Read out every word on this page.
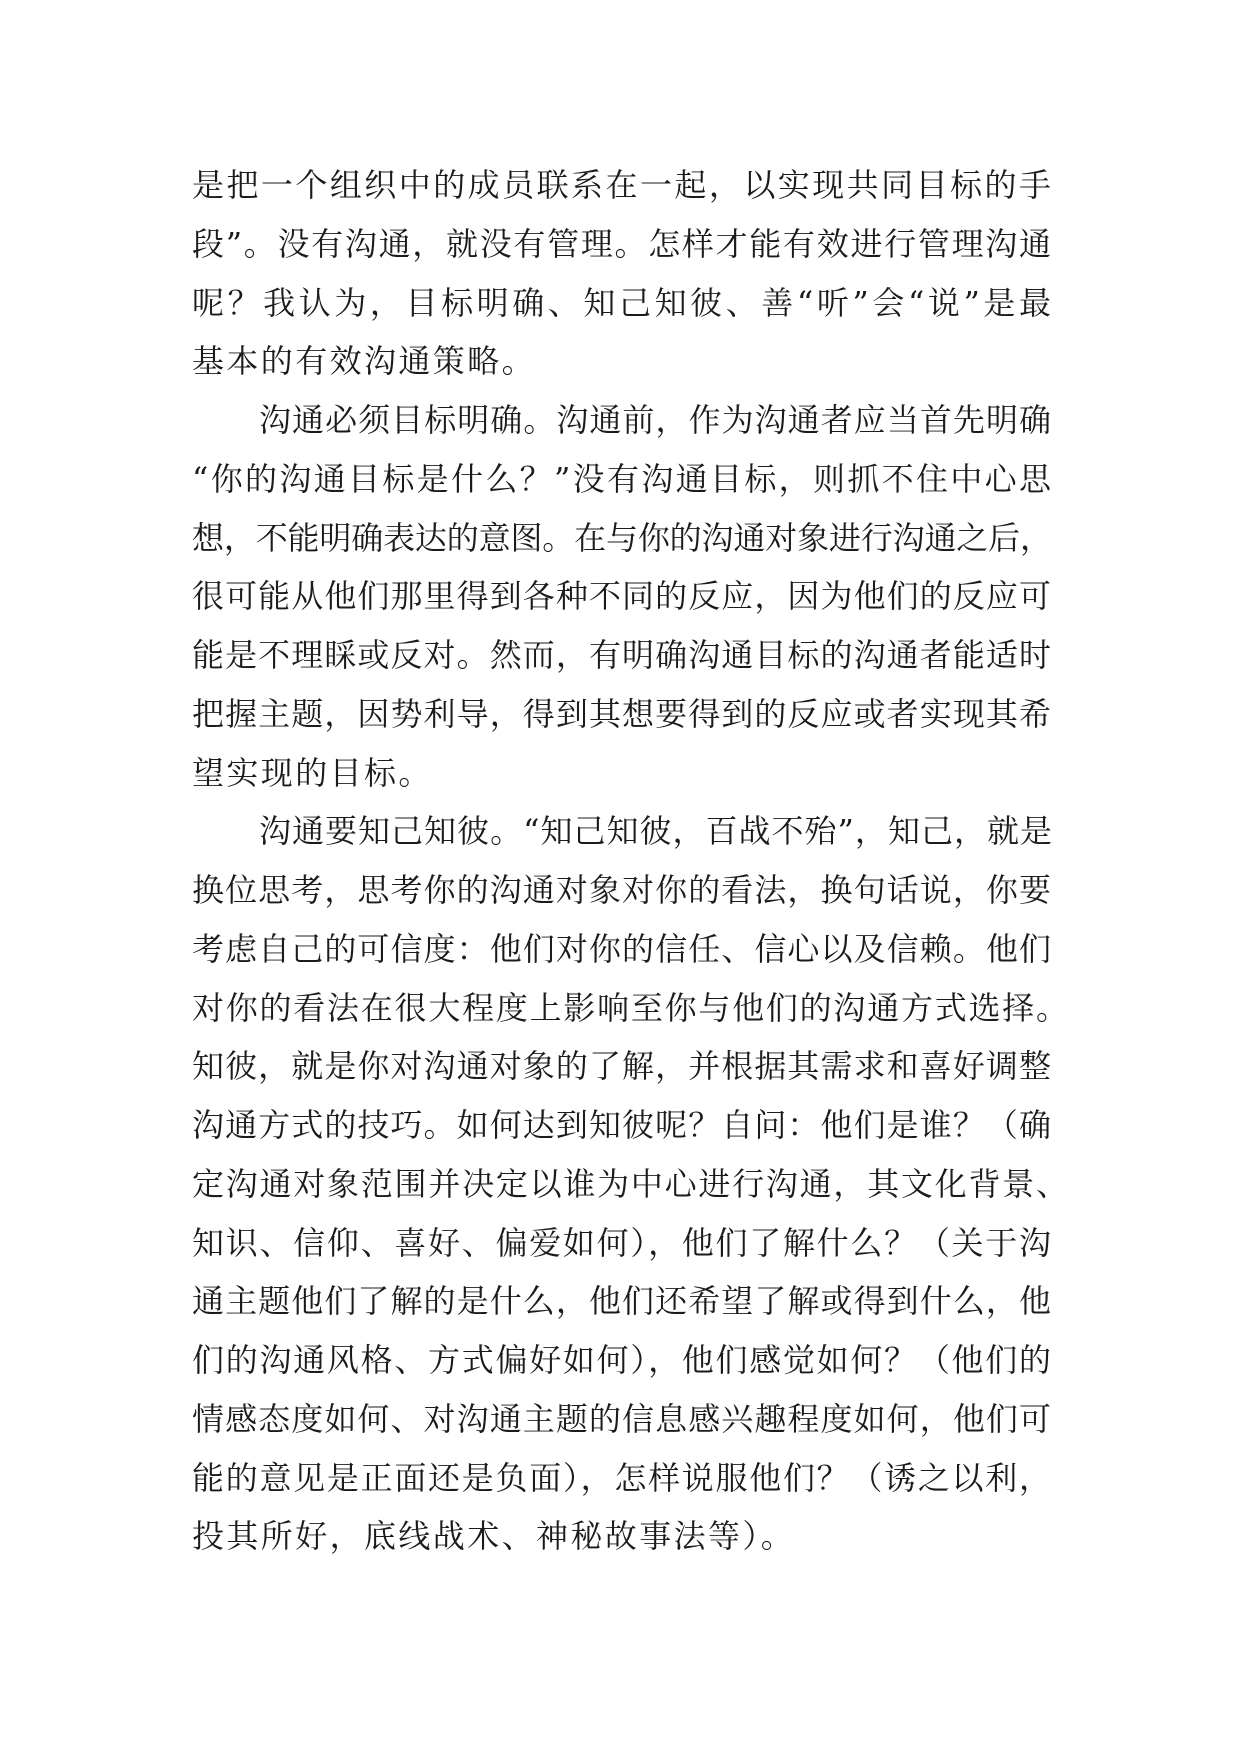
是把一个组织中的成员联系在一起，以实现共同目标的手
段”。没有沟通，就没有管理。怎样才能有效进行管理沟通
呢？我认为，目标明确、知己知彼、善“听”会“说”是最
基本的有效沟通策略。
沟通必须目标明确。沟通前，作为沟通者应当首先明确
“你的沟通目标是什么？”没有沟通目标，则抓不住中心思
想，不能明确表达的意图。在与你的沟通对象进行沟通之后，
很可能从他们那里得到各种不同的反应，因为他们的反应可
能是不理睬或反对。然而，有明确沟通目标的沟通者能适时
把握主题，因势利导，得到其想要得到的反应或者实现其希
望实现的目标。
沟通要知己知彼。“知己知彼，百战不殆”，知己，就是
换位思考，思考你的沟通对象对你的看法，换句话说，你要
考虑自己的可信度：他们对你的信任、信心以及信赖。他们
对你的看法在很大程度上影响至你与他们的沟通方式选择。
知彼，就是你对沟通对象的了解，并根据其需求和喜好调整
沟通方式的技巧。如何达到知彼呢？自问：他们是谁？（确
定沟通对象范围并决定以谁为中心进行沟通，其文化背景、
知识、信仰、喜好、偏爱如何），他们了解什么？（关于沟
通主题他们了解的是什么，他们还希望了解或得到什么，他
们的沟通风格、方式偏好如何），他们感觉如何？（他们的
情感态度如何、对沟通主题的信息感兴趣程度如何，他们可
能的意见是正面还是负面），怎样说服他们？（诱之以利，
投其所好，底线战术、神秘故事法等）。
